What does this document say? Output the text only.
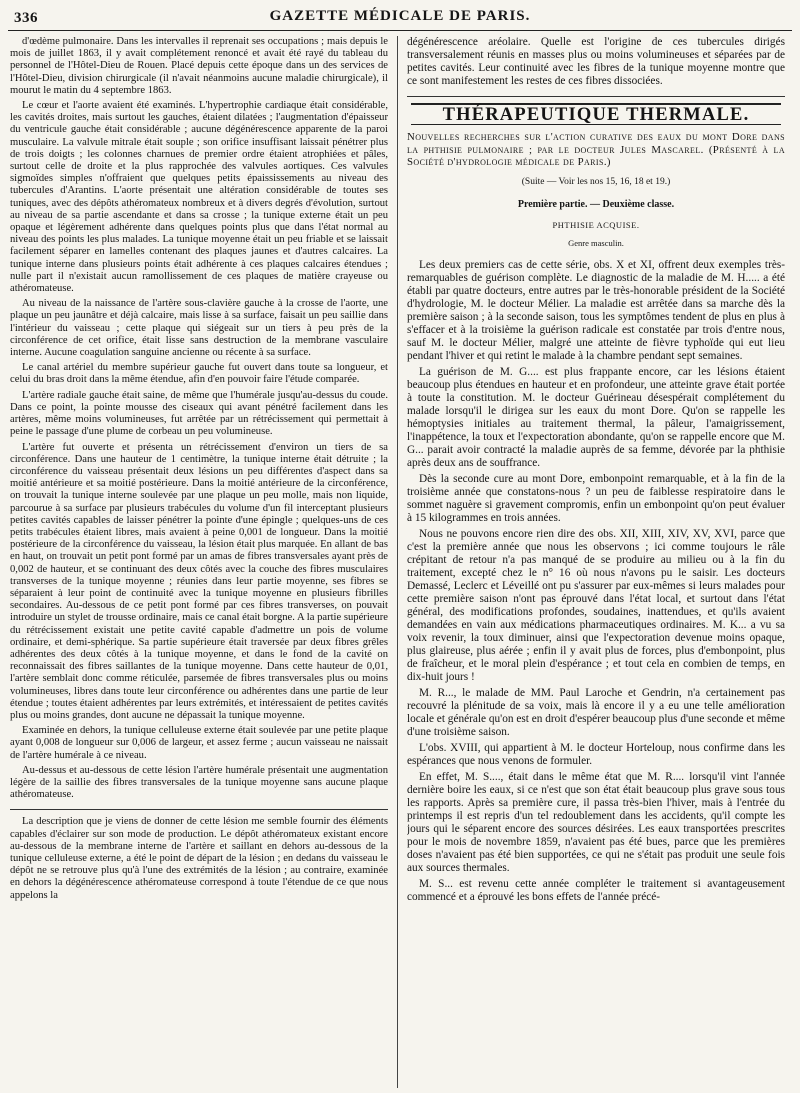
336	GAZETTE MÉDICALE DE PARIS.

d'œdème pulmonaire. Dans les intervalles il reprenait ses occupations ; mais depuis le mois de juillet 1863, il y avait complétement renoncé et avait été rayé du tableau du personnel de l'Hôtel-Dieu de Rouen. Placé depuis cette époque dans un des services de l'Hôtel-Dieu, division chirurgicale (il n'avait néanmoins aucune maladie chirurgicale), il mourut le matin du 4 septembre 1863.

Le cœur et l'aorte avaient été examinés. L'hypertrophie cardiaque était considérable, les cavités droites, mais surtout les gauches, étaient dilatées ; l'augmentation d'épaisseur du ventricule gauche était considérable ; aucune dégénérescence apparente de la paroi musculaire. La valvule mitrale était souple ; son orifice insuffisant laissait pénétrer plus de trois doigts ; les colonnes charnues de premier ordre étaient atrophiées et pâles, surtout celle de droite et la plus rapprochée des valvules aortiques. Ces valvules sigmoïdes simples n'offraient que quelques petits épaississements au niveau des tubercules d'Arantins. L'aorte présentait une altération considérable de toutes ses tuniques, avec des dépôts athéromateux nombreux et à divers degrés d'évolution, surtout au niveau de sa partie ascendante et dans sa crosse ; la tunique externe était un peu opaque et légèrement adhérente dans quelques points plus que dans l'état normal au niveau des points les plus malades. La tunique moyenne était un peu friable et se laissait facilement séparer en lamelles contenant des plaques jaunes et d'autres calcaires. La tunique interne dans plusieurs points était adhérente à ces plaques calcaires étendues ; nulle part il n'existait aucun ramollissement de ces plaques de matière crayeuse ou athéromateuse.

Au niveau de la naissance de l'artère sous-clavière gauche à la crosse de l'aorte, une plaque un peu jaunâtre et déjà calcaire, mais lisse à sa surface, faisait un peu saillie dans l'intérieur du vaisseau ; cette plaque qui siégeait sur un tiers à peu près de la circonférence de cet orifice, était lisse sans destruction de la membrane vasculaire interne. Aucune coagulation sanguine ancienne ou récente à sa surface.

Le canal artériel du membre supérieur gauche fut ouvert dans toute sa longueur, et celui du bras droit dans la même étendue, afin d'en pouvoir faire l'étude comparée.

L'artère radiale gauche était saine, de même que l'humérale jusqu'au-dessus du coude. Dans ce point, la pointe mousse des ciseaux qui avant pénétré facilement dans les artères, même moins volumineuses, fut arrêtée par un rétrécissement qui permettait à peine le passage d'une plume de corbeau un peu volumineuse.

L'artère fut ouverte et présenta un rétrécissement d'environ un tiers de sa circonférence. Dans une hauteur de 1 centimètre, la tunique interne était détruite ; la circonférence du vaisseau présentait deux lésions un peu différentes d'aspect dans sa moitié antérieure et sa moitié postérieure. Dans la moitié antérieure de la circonférence, on trouvait la tunique interne soulevée par une plaque un peu molle, mais non liquide, parcourue à sa surface par plusieurs trabécules du volume d'un fil interceptant plusieurs petites cavités capables de laisser pénétrer la pointe d'une épingle ; quelques-uns de ces petits trabécules étaient libres, mais avaient à peine 0,001 de longueur. Dans la moitié postérieure de la circonférence du vaisseau, la lésion était plus marquée. En allant de bas en haut, on trouvait un petit pont formé par un amas de fibres transversales ayant près de 0,002 de hauteur, et se continuant des deux côtés avec la couche des fibres musculaires transverses de la tunique moyenne ; réunies dans leur partie moyenne, ses fibres se séparaient à leur point de continuité avec la tunique moyenne en plusieurs fibrilles secondaires. Au-dessous de ce petit pont formé par ces fibres transverses, on pouvait introduire un stylet de trousse ordinaire, mais ce canal était borgne. A la partie supérieure du rétrécissement existait une petite cavité capable d'admettre un pois de volume ordinaire, et demi-sphérique. Sa partie supérieure était traversée par deux fibres grêles adhérentes des deux côtés à la tunique moyenne, et dans le fond de la cavité on reconnaissait des fibres saillantes de la tunique moyenne. Dans cette hauteur de 0,01, l'artère semblait donc comme réticulée, parsemée de fibres transversales plus ou moins volumineuses, libres dans toute leur circonférence ou adhérentes dans une partie de leur étendue ; toutes étaient adhérentes par leurs extrémités, et intéressaient de petites cavités plus ou moins grandes, dont aucune ne dépassait la tunique moyenne.

Examinée en dehors, la tunique celluleuse externe était soulevée par une petite plaque ayant 0,008 de longueur sur 0,006 de largeur, et assez ferme ; aucun vaisseau ne naissait de l'artère humérale à ce niveau.

Au-dessus et au-dessous de cette lésion l'artère humérale présentait une augmentation légère de la saillie des fibres transversales de la tunique moyenne sans aucune plaque athéromateuse.

La description que je viens de donner de cette lésion me semble fournir des éléments capables d'éclairer sur son mode de production. Le dépôt athéromateux existant encore au-dessous de la membrane interne de l'artère et saillant en dehors au-dessous de la tunique celluleuse externe, a été le point de départ de la lésion ; en dedans du vaisseau le dépôt ne se retrouve plus qu'à l'une des extrémités de la lésion ; au contraire, examinée en dehors la dégénérescence athéromateuse correspond à toute l'étendue de ce que nous appelons la

dégénérescence aréolaire. Quelle est l'origine de ces tubercules dirigés transversalement réunis en masses plus ou moins volumineuses et séparées par de petites cavités. Leur continuité avec les fibres de la tunique moyenne montre que ce sont manifestement les restes de ces fibres dissociées.

THÉRAPEUTIQUE THERMALE.
Nouvelles recherches sur l'action curative des eaux du mont Dore dans la phthisie pulmonaire ; par le docteur Jules Mascarel. (Présenté à la Société d'hydrologie médicale de Paris.)
(Suite — Voir les nos 15, 16, 18 et 19.)
Première partie. — Deuxième classe.
PHTHISIE ACQUISE.
Genre masculin.

Les deux premiers cas de cette série, obs. X et XI, offrent deux exemples très-remarquables de guérison complète. Le diagnostic de la maladie de M. H..... a été établi par quatre docteurs, entre autres par le très-honorable président de la Société d'hydrologie, M. le docteur Mélier. La maladie est arrêtée dans sa marche dès la première saison ; à la seconde saison, tous les symptômes tendent de plus en plus à s'effacer et à la troisième la guérison radicale est constatée par trois d'entre nous, sauf M. le docteur Mélier, malgré une atteinte de fièvre typhoïde qui eut lieu pendant l'hiver et qui retint le malade à la chambre pendant sept semaines.

La guérison de M. G.... est plus frappante encore, car les lésions étaient beaucoup plus étendues en hauteur et en profondeur, une atteinte grave était portée à toute la constitution. M. le docteur Guérineau désespérait complétement du malade lorsqu'il le dirigea sur les eaux du mont Dore. Qu'on se rappelle les hémoptysies initiales au traitement thermal, la pâleur, l'amaigrissement, l'inappétence, la toux et l'expectoration abondante, qu'on se rappelle encore que M. G... parait avoir contracté la maladie auprès de sa femme, dévorée par la phthisie après deux ans de souffrance.

Dès la seconde cure au mont Dore, embonpoint remarquable, et à la fin de la troisième année que constatons-nous ? un peu de faiblesse respiratoire dans le sommet naguère si gravement compromis, enfin un embonpoint qu'on peut évaluer à 15 kilogrammes en trois années.

Nous ne pouvons encore rien dire des obs. XII, XIII, XIV, XV, XVI, parce que c'est la première année que nous les observons ; ici comme toujours le râle crépitant de retour n'a pas manqué de se produire au milieu ou à la fin du traitement, excepté chez le n° 16 où nous n'avons pu le saisir. Les docteurs Demassé, Leclerc et Léveillé ont pu s'assurer par eux-mêmes si leurs malades pour cette première saison n'ont pas éprouvé dans l'état local, et surtout dans l'état général, des modifications profondes, soudaines, inattendues, et qu'ils avaient demandées en vain aux médications pharmaceutiques ordinaires. M. K... a vu sa voix revenir, la toux diminuer, ainsi que l'expectoration devenue moins opaque, plus glaireuse, plus aérée ; enfin il y avait plus de forces, plus d'embonpoint, plus de fraîcheur, et le moral plein d'espérance ; et tout cela en combien de temps, en dix-huit jours !

M. R..., le malade de MM. Paul Laroche et Gendrin, n'a certainement pas recouvré la plénitude de sa voix, mais là encore il y a eu une telle amélioration locale et générale qu'on est en droit d'espérer beaucoup plus d'une seconde et même d'une troisième saison.

L'obs. XVIII, qui appartient à M. le docteur Horteloup, nous confirme dans les espérances que nous venons de formuler.

En effet, M. S...., était dans le même état que M. R.... lorsqu'il vint l'année dernière boire les eaux, si ce n'est que son état était beaucoup plus grave sous tous les rapports. Après sa première cure, il passa très-bien l'hiver, mais à l'entrée du printemps il est repris d'un tel redoublement dans les accidents, qu'il compte les jours qui le séparent encore des sources désirées. Les eaux transportées prescrites pour le mois de novembre 1859, n'avaient pas été bues, parce que les premières doses n'avaient pas été bien supportées, ce qui ne s'était pas produit une seule fois aux sources thermales.

M. S... est revenu cette année compléter le traitement si avantageusement commencé et a éprouvé les bons effets de l'année précé-
